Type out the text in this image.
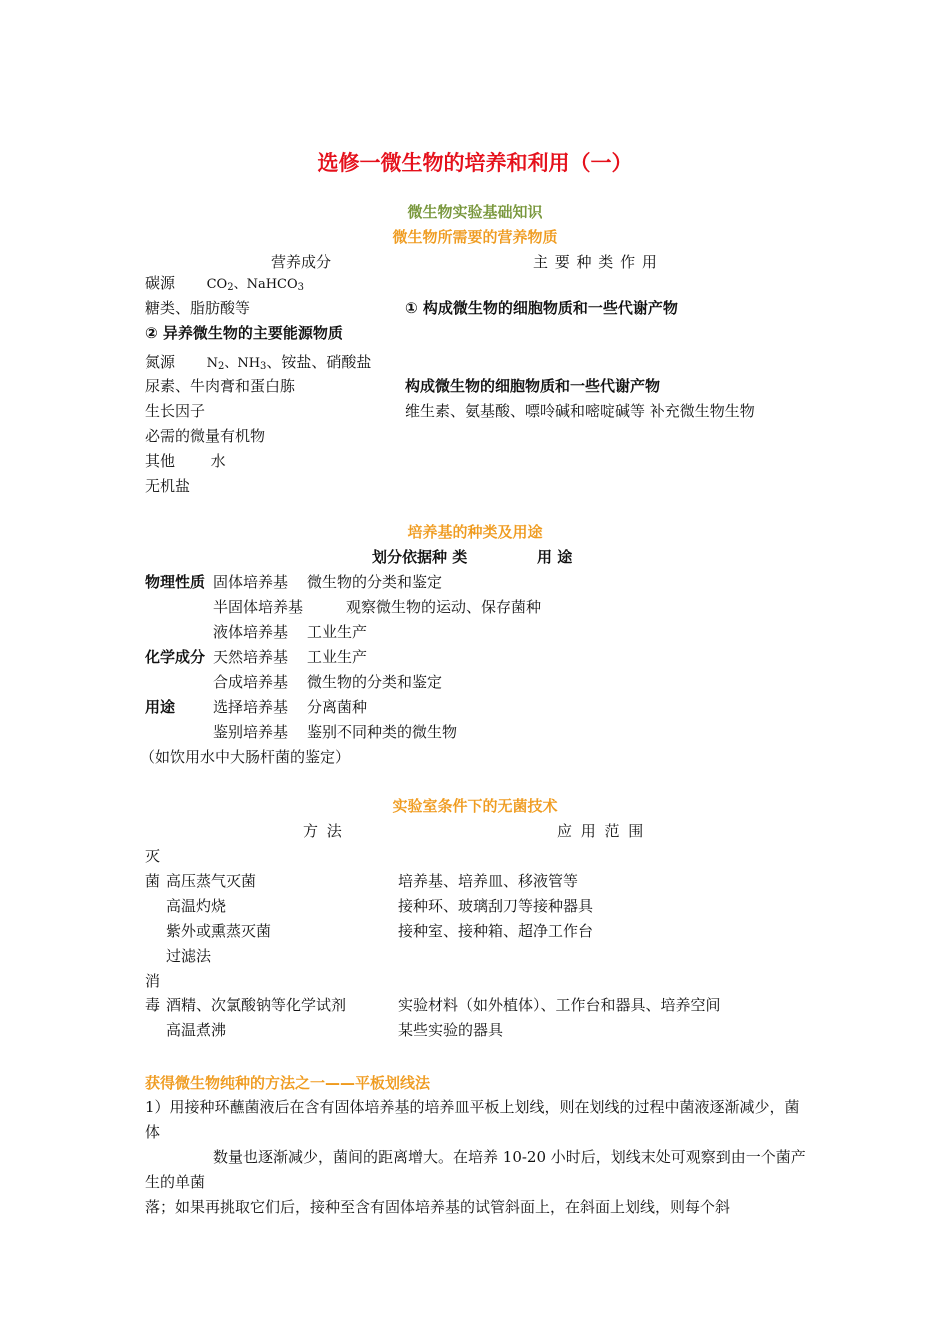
选修一微生物的培养和利用（一）
微生物实验基础知识
微生物所需要的营养物质
营养成分	主 要 种 类 作 用
碳源 $CO_2$、NaHCO$_3$
糖类、脂肪酸等	① 构成微生物的细胞物质和一些代谢产物
② 异养微生物的主要能源物质
氮源 $N_2$、$NH_3$、铵盐、硝酸盐
尿素、牛肉膏和蛋白胨	构成微生物的细胞物质和一些代谢产物
生长因子	维生素、氨基酸、嘌呤碱和嘧啶碱等 补充微生物生物
必需的微量有机物
其他 水
无机盐
培养基的种类及用途
划分依据种 类	用 途
物理性质 固体培养基 微生物的分类和鉴定
半固体培养基	观察微生物的运动、保存菌种
液体培养基 工业生产
化学成分 天然培养基 工业生产
合成培养基 微生物的分类和鉴定
用途	选择培养基 分离菌种
鉴别培养基 鉴别不同种类的微生物
（如饮用水中大肠杆菌的鉴定）
实验室条件下的无菌技术
方 法	应 用 范 围
灭
菌 高压蒸气灭菌	培养基、培养皿、移液管等
高温灼烧	接种环、玻璃刮刀等接种器具
紫外或熏蒸灭菌	接种室、接种箱、超净工作台
过滤法
消
毒 酒精、次氯酸钠等化学试剂	实验材料（如外植体）、工作台和器具、培养空间
高温煮沸	某些实验的器具
获得微生物纯种的方法之一——平板划线法
1）用接种环蘸菌液后在含有固体培养基的培养皿平板上划线，则在划线的过程中菌液逐渐减少，菌体
数量也逐渐减少，菌间的距离增大。在培养 10-20 小时后，划线末处可观察到由一个菌产生的单菌
落；如果再挑取它们后，接种至含有固体培养基的试管斜面上，在斜面上划线，则每个斜
